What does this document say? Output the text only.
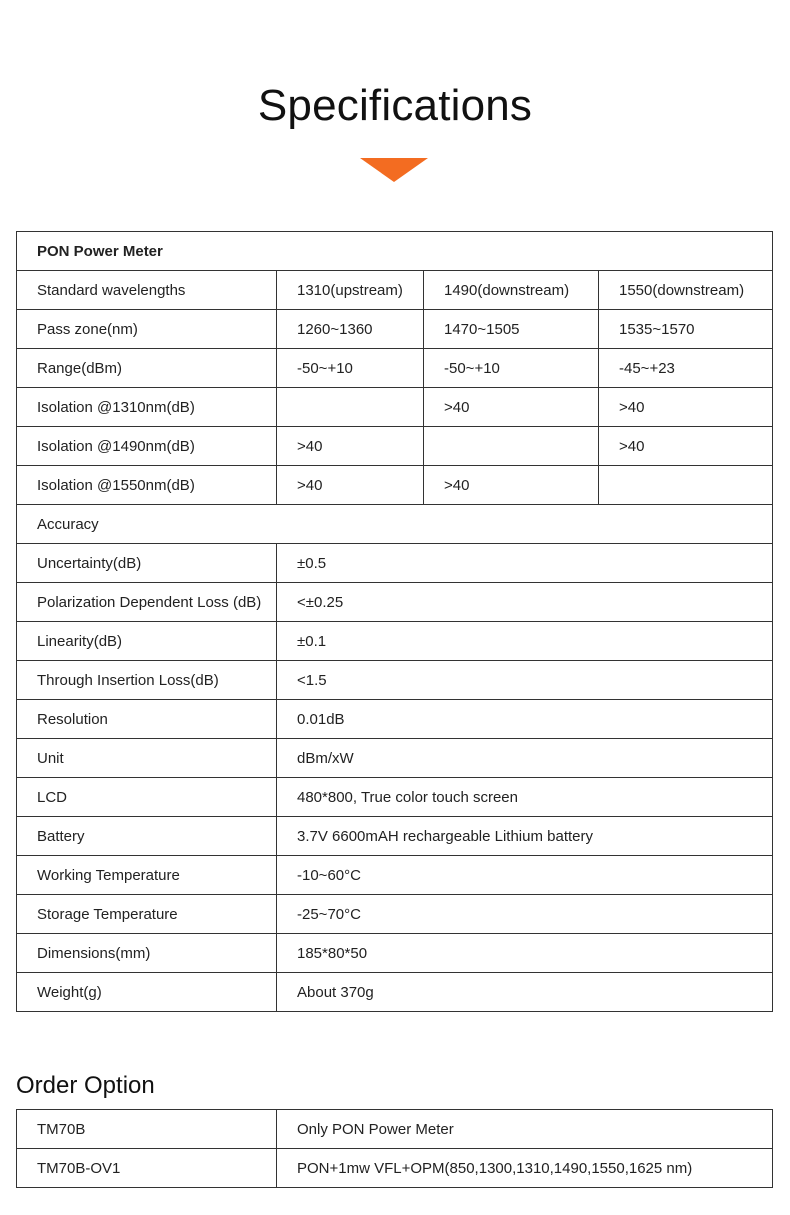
Specifications
PON Power Meter			
Standard wavelengths	1310(upstream)	1490(downstream)	1550(downstream)
Pass zone(nm)	1260~1360	1470~1505	1535~1570
Range(dBm)	-50~+10	-50~+10	-45~+23
Isolation @1310nm(dB)		>40	>40
Isolation @1490nm(dB)	>40		>40
Isolation @1550nm(dB)	>40	>40	
Accuracy			
Uncertainty(dB)	±0.5		
Polarization Dependent Loss (dB)	<±0.25		
Linearity(dB)	±0.1		
Through Insertion Loss(dB)	<1.5		
Resolution	0.01dB		
Unit	dBm/xW		
LCD	480*800, True color touch screen		
Battery	3.7V 6600mAH rechargeable Lithium battery		
Working Temperature	-10~60°C		
Storage Temperature	-25~70°C		
Dimensions(mm)	185*80*50		
Weight(g)	About 370g		
Order Option
TM70B	Only PON Power Meter
TM70B-OV1	PON+1mw VFL+OPM(850,1300,1310,1490,1550,1625 nm)
